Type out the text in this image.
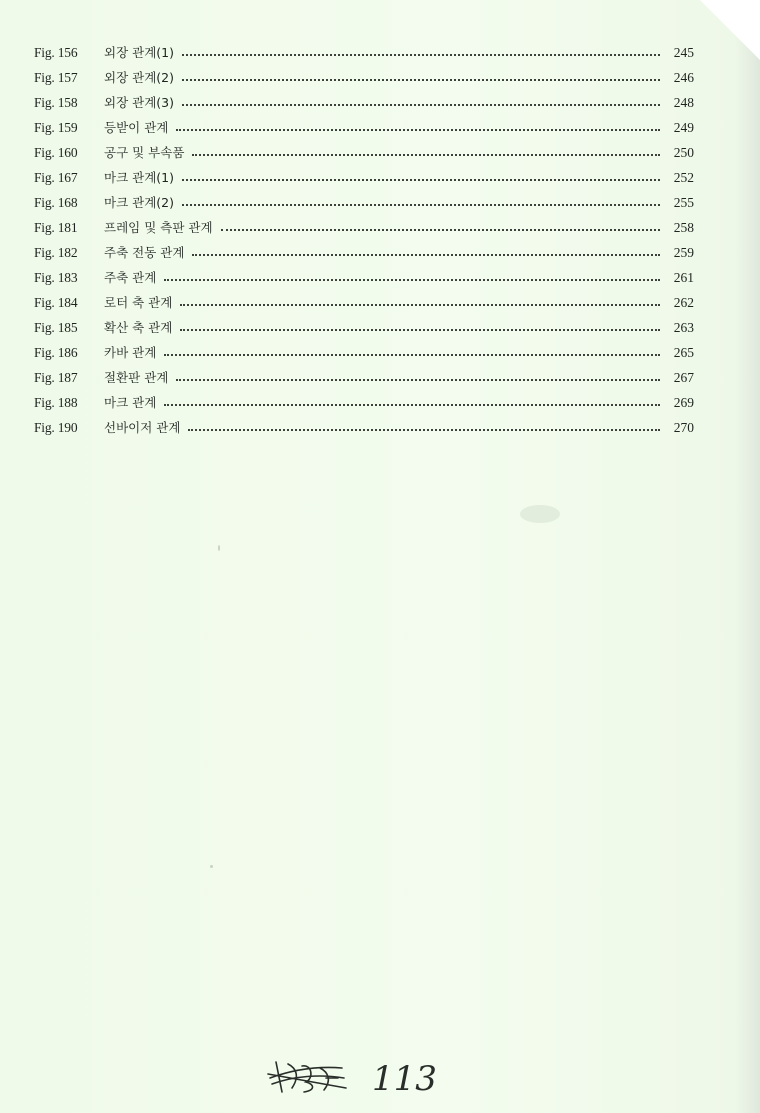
Fig. 156	외장 관계(1)	245
Fig. 157	외장 관계(2)	246
Fig. 158	외장 관계(3)	248
Fig. 159	등받이 관계	249
Fig. 160	공구 및 부속품	250
Fig. 167	마크 관계(1)	252
Fig. 168	마크 관계(2)	255
Fig. 181	프레임 및 측판 관계	258
Fig. 182	주축 전동 관계	259
Fig. 183	주축 관계	261
Fig. 184	로터 축 관계	262
Fig. 185	확산 축 관계	263
Fig. 186	카바 관계	265
Fig. 187	절환판 관계	267
Fig. 188	마크 관계	269
Fig. 190	선바이저 관계	270
113
